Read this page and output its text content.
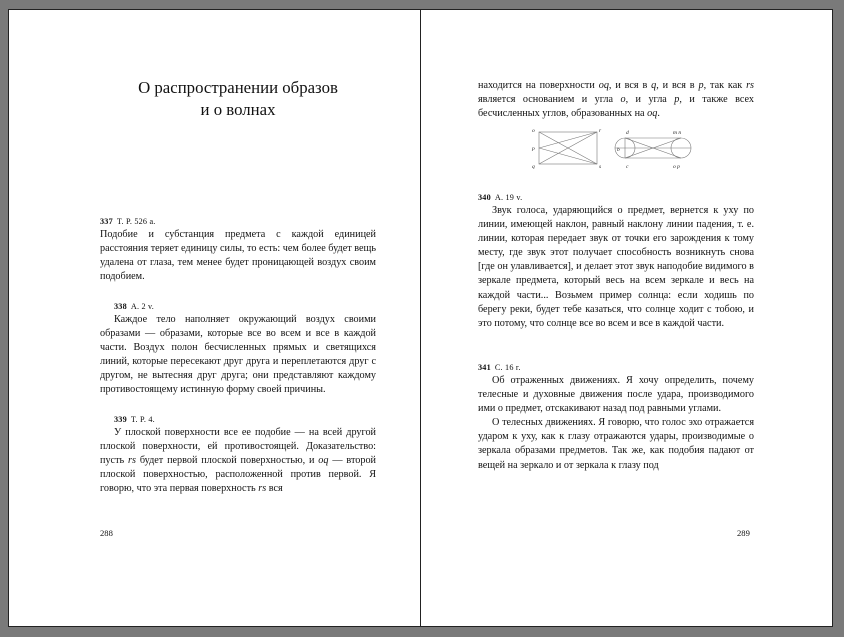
О распространении образов
и о волнах
337 T. P. 526 a.

Подобие и субстанция предмета с каждой единицей расстояния теряет единицу силы, то есть: чем более будет вещь удалена от глаза, тем менее будет проницающей воздух своим подобием.

338 A. 2 v.

Каждое тело наполняет окружающий воздух своими образами — образами, которые все во всем и все в каждой части. Воздух полон бесчисленных прямых и светящихся линий, которые пересекают друг друга и переплетаются друг с другом, не вытесняя друг друга; они представляют каждому противостоящему истинную форму своей причины.

339 T. P. 4.

У плоской поверхности все ее подобие — на всей другой плоской поверхности, ей противостоящей. Доказательство: пусть rs будет первой плоской поверхностью, и oq — второй плоской поверхностью, расположенной против первой. Я говорю, что эта первая поверхность rs вся

288

находится на поверхности oq, и вся в q, и вся в p, так как rs является основанием и угла o, и угла p, и также всех бесчисленных углов, образованных на oq.

o	r
p
q	s
d
b
c
m n
o p
340 A. 19 v.

Звук голоса, ударяющийся о предмет, вернется к уху по линии, имеющей наклон, равный наклону линии падения, т. е. линии, которая передает звук от точки его зарождения к тому месту, где звук этот получает способность возникнуть снова [где он улавливается], и делает этот звук наподобие видимого в зеркале предмета, который весь на всем зеркале и весь на каждой части... Возьмем пример солнца: если ходишь по берегу реки, будет тебе казаться, что солнце ходит с тобою, и это потому, что солнце все во всем и все в каждой части.

341 C. 16 r.

Об отраженных движениях. Я хочу определить, почему телесные и духовные движения после удара, производимого ими о предмет, отскакивают назад под равными углами.

О телесных движениях. Я говорю, что голос эхо отражается ударом к уху, как к глазу отражаются удары, производимые о зеркала образами предметов. Так же, как подобия падают от вещей на зеркало и от зеркала к глазу под

289
